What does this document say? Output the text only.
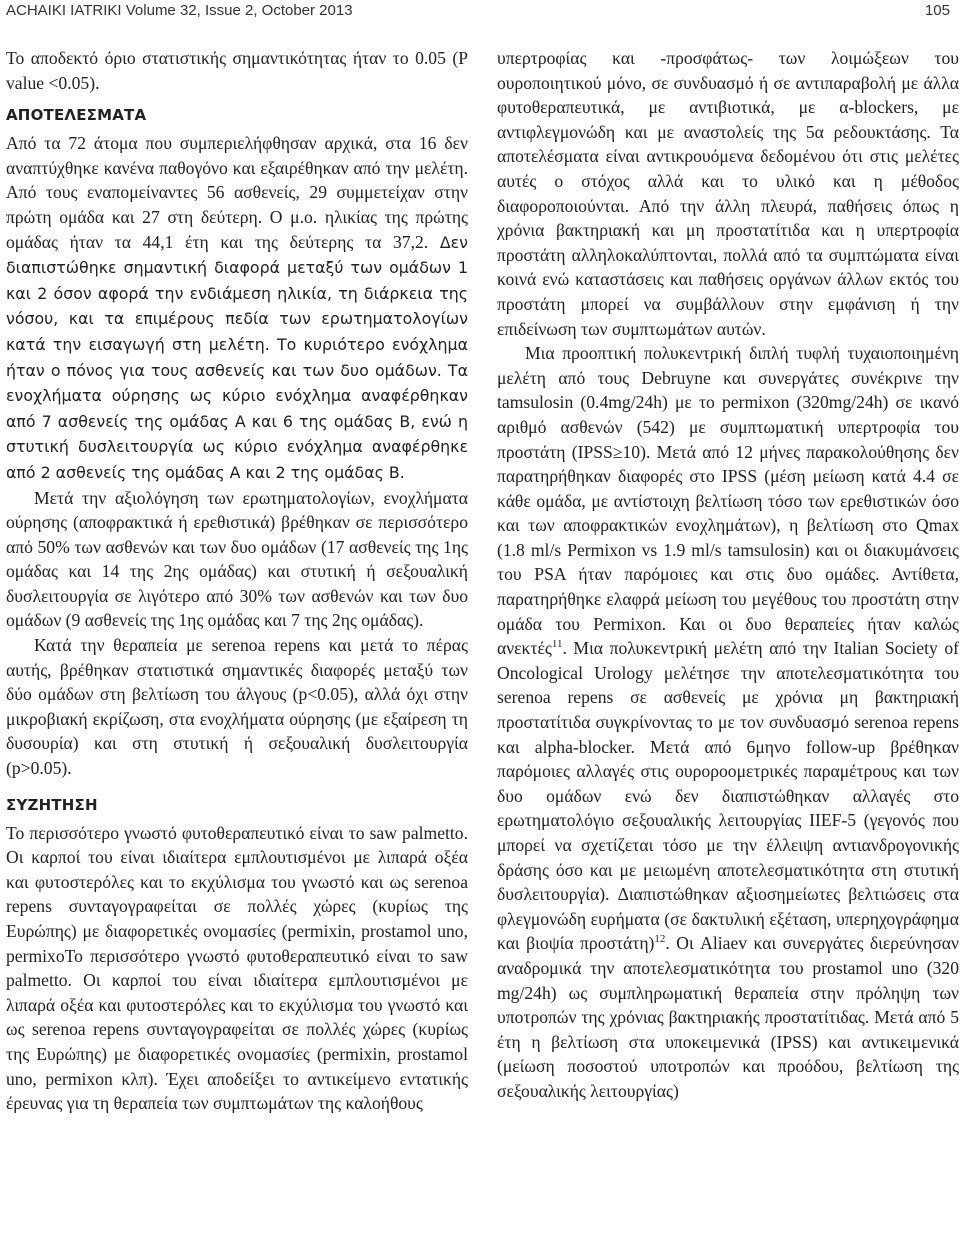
ACHAIKI IATRIKI Volume 32, Issue 2, October 2013	105

Το αποδεκτό όριο στατιστικής σημαντικότητας ήταν το 0.05 (P value <0.05).

ΑΠΟΤΕΛΕΣΜΑΤΑ

Από τα 72 άτομα που συμπεριελήφθησαν αρχικά, στα 16 δεν αναπτύχθηκε κανένα παθογόνο και εξαιρέθηκαν από την μελέτη. Από τους εναπομείναντες 56 ασθενείς, 29 συμμετείχαν στην πρώτη ομάδα και 27 στη δεύτερη. Ο μ.ο. ηλικίας της πρώτης ομάδας ήταν τα 44,1 έτη και της δεύτερης τα 37,2. Δεν διαπιστώθηκε σημαντική διαφορά μεταξύ των ομάδων 1 και 2 όσον αφορά την ενδιάμεση ηλικία, τη διάρκεια της νόσου, και τα επιμέρους πεδία των ερωτηματολογίων κατά την εισαγωγή στη μελέτη. Το κυριότερο ενόχλημα ήταν ο πόνος για τους ασθενείς και των δυο ομάδων. Τα ενοχλήματα ούρησης ως κύριο ενόχλημα αναφέρθηκαν από 7 ασθενείς της ομάδας Α και 6 της ομάδας Β, ενώ η στυτική δυσλειτουργία ως κύριο ενόχλημα αναφέρθηκε από 2 ασθενείς της ομάδας Α και 2 της ομάδας Β.

Μετά την αξιολόγηση των ερωτηματολογίων, ενοχλήματα ούρησης (αποφρακτικά ή ερεθιστικά) βρέθηκαν σε περισσότερο από 50% των ασθενών και των δυο ομάδων (17 ασθενείς της 1ης ομάδας και 14 της 2ης ομάδας) και στυτική ή σεξουαλική δυσλειτουργία σε λιγότερο από 30% των ασθενών και των δυο ομάδων (9 ασθενείς της 1ης ομάδας και 7 της 2ης ομάδας).

Κατά την θεραπεία με serenoa repens και μετά το πέρας αυτής, βρέθηκαν στατιστικά σημαντικές διαφορές μεταξύ των δύο ομάδων στη βελτίωση του άλγους (p<0.05), αλλά όχι στην μικροβιακή εκρίζωση, στα ενοχλήματα ούρησης (με εξαίρεση τη δυσουρία) και στη στυτική ή σεξουαλική δυσλειτουργία (p>0.05).

ΣΥΖΗΤΗΣΗ

Το περισσότερο γνωστό φυτοθεραπευτικό είναι το saw palmetto. Οι καρποί του είναι ιδιαίτερα εμπλουτισμένοι με λιπαρά οξέα και φυτοστερόλες και το εκχύλισμα του γνωστό και ως serenoa repens συνταγογραφείται σε πολλές χώρες (κυρίως της Ευρώπης) με διαφορετικές ονομασίες (permixin, prostamol uno, permixoΤο περισσότερο γνωστό φυτοθεραπευτικό είναι το saw palmetto. Οι καρποί του είναι ιδιαίτερα εμπλουτισμένοι με λιπαρά οξέα και φυτοστερόλες και το εκχύλισμα του γνωστό και ως serenoa repens συνταγογραφείται σε πολλές χώρες (κυρίως της Ευρώπης) με διαφορετικές ονομασίες (permixin, prostamol uno, permixon κλπ). Έχει αποδείξει το αντικείμενο εντατικής έρευνας για τη θεραπεία των συμπτωμάτων της καλοήθους

υπερτροφίας και -προσφάτως- των λοιμώξεων του ουροποιητικού μόνο, σε συνδυασμό ή σε αντιπαραβολή με άλλα φυτοθεραπευτικά, με αντιβιοτικά, με α-blockers, με αντιφλεγμονώδη και με αναστολείς της 5α ρεδουκτάσης. Τα αποτελέσματα είναι αντικρουόμενα δεδομένου ότι στις μελέτες αυτές ο στόχος αλλά και το υλικό και η μέθοδος διαφοροποιούνται. Από την άλλη πλευρά, παθήσεις όπως η χρόνια βακτηριακή και μη προστατίτιδα και η υπερτροφία προστάτη αλληλοκαλύπτονται, πολλά από τα συμπτώματα είναι κοινά ενώ καταστάσεις και παθήσεις οργάνων άλλων εκτός του προστάτη μπορεί να συμβάλλουν στην εμφάνιση ή την επιδείνωση των συμπτωμάτων αυτών.

Μια προοπτική πολυκεντρική διπλή τυφλή τυχαιοποιημένη μελέτη από τους Debruyne και συνεργάτες συνέκρινε την tamsulosin (0.4mg/24h) με το permixon (320mg/24h) σε ικανό αριθμό ασθενών (542) με συμπτωματική υπερτροφία του προστάτη (IPSS≥10). Μετά από 12 μήνες παρακολούθησης δεν παρατηρήθηκαν διαφορές στο IPSS (μέση μείωση κατά 4.4 σε κάθε ομάδα, με αντίστοιχη βελτίωση τόσο των ερεθιστικών όσο και των αποφρακτικών ενοχλημάτων), η βελτίωση στο Qmax (1.8 ml/s Permixon vs 1.9 ml/s tamsulosin) και οι διακυμάνσεις του PSA ήταν παρόμοιες και στις δυο ομάδες. Αντίθετα, παρατηρήθηκε ελαφρά μείωση του μεγέθους του προστάτη στην ομάδα του Permixon. Και οι δυο θεραπείες ήταν καλώς ανεκτές$^{11}$. Μια πολυκεντρική μελέτη από την Italian Society of Oncological Urology μελέτησε την αποτελεσματικότητα του serenoa repens σε ασθενείς με χρόνια μη βακτηριακή προστατίτιδα συγκρίνοντας το με τον συνδυασμό serenoa repens και alpha-blocker. Μετά από 6μηνο follow-up βρέθηκαν παρόμοιες αλλαγές στις ουροροομετρικές παραμέτρους και των δυο ομάδων ενώ δεν διαπιστώθηκαν αλλαγές στο ερωτηματολόγιο σεξουαλικής λειτουργίας IIEF-5 (γεγονός που μπορεί να σχετίζεται τόσο με την έλλειψη αντιανδρογονικής δράσης όσο και με μειωμένη αποτελεσματικότητα στη στυτική δυσλειτουργία). Διαπιστώθηκαν αξιοσημείωτες βελτιώσεις στα φλεγμονώδη ευρήματα (σε δακτυλική εξέταση, υπερηχογράφημα και βιοψία προστάτη)$^{12}$. Οι Aliaev και συνεργάτες διερεύνησαν αναδρομικά την αποτελεσματικότητα του prostamol uno (320 mg/24h) ως συμπληρωματική θεραπεία στην πρόληψη των υποτροπών της χρόνιας βακτηριακής προστατίτιδας. Μετά από 5 έτη η βελτίωση στα υποκειμενικά (IPSS) και αντικειμενικά (μείωση ποσοστού υποτροπών και προόδου, βελτίωση της σεξουαλικής λειτουργίας)
